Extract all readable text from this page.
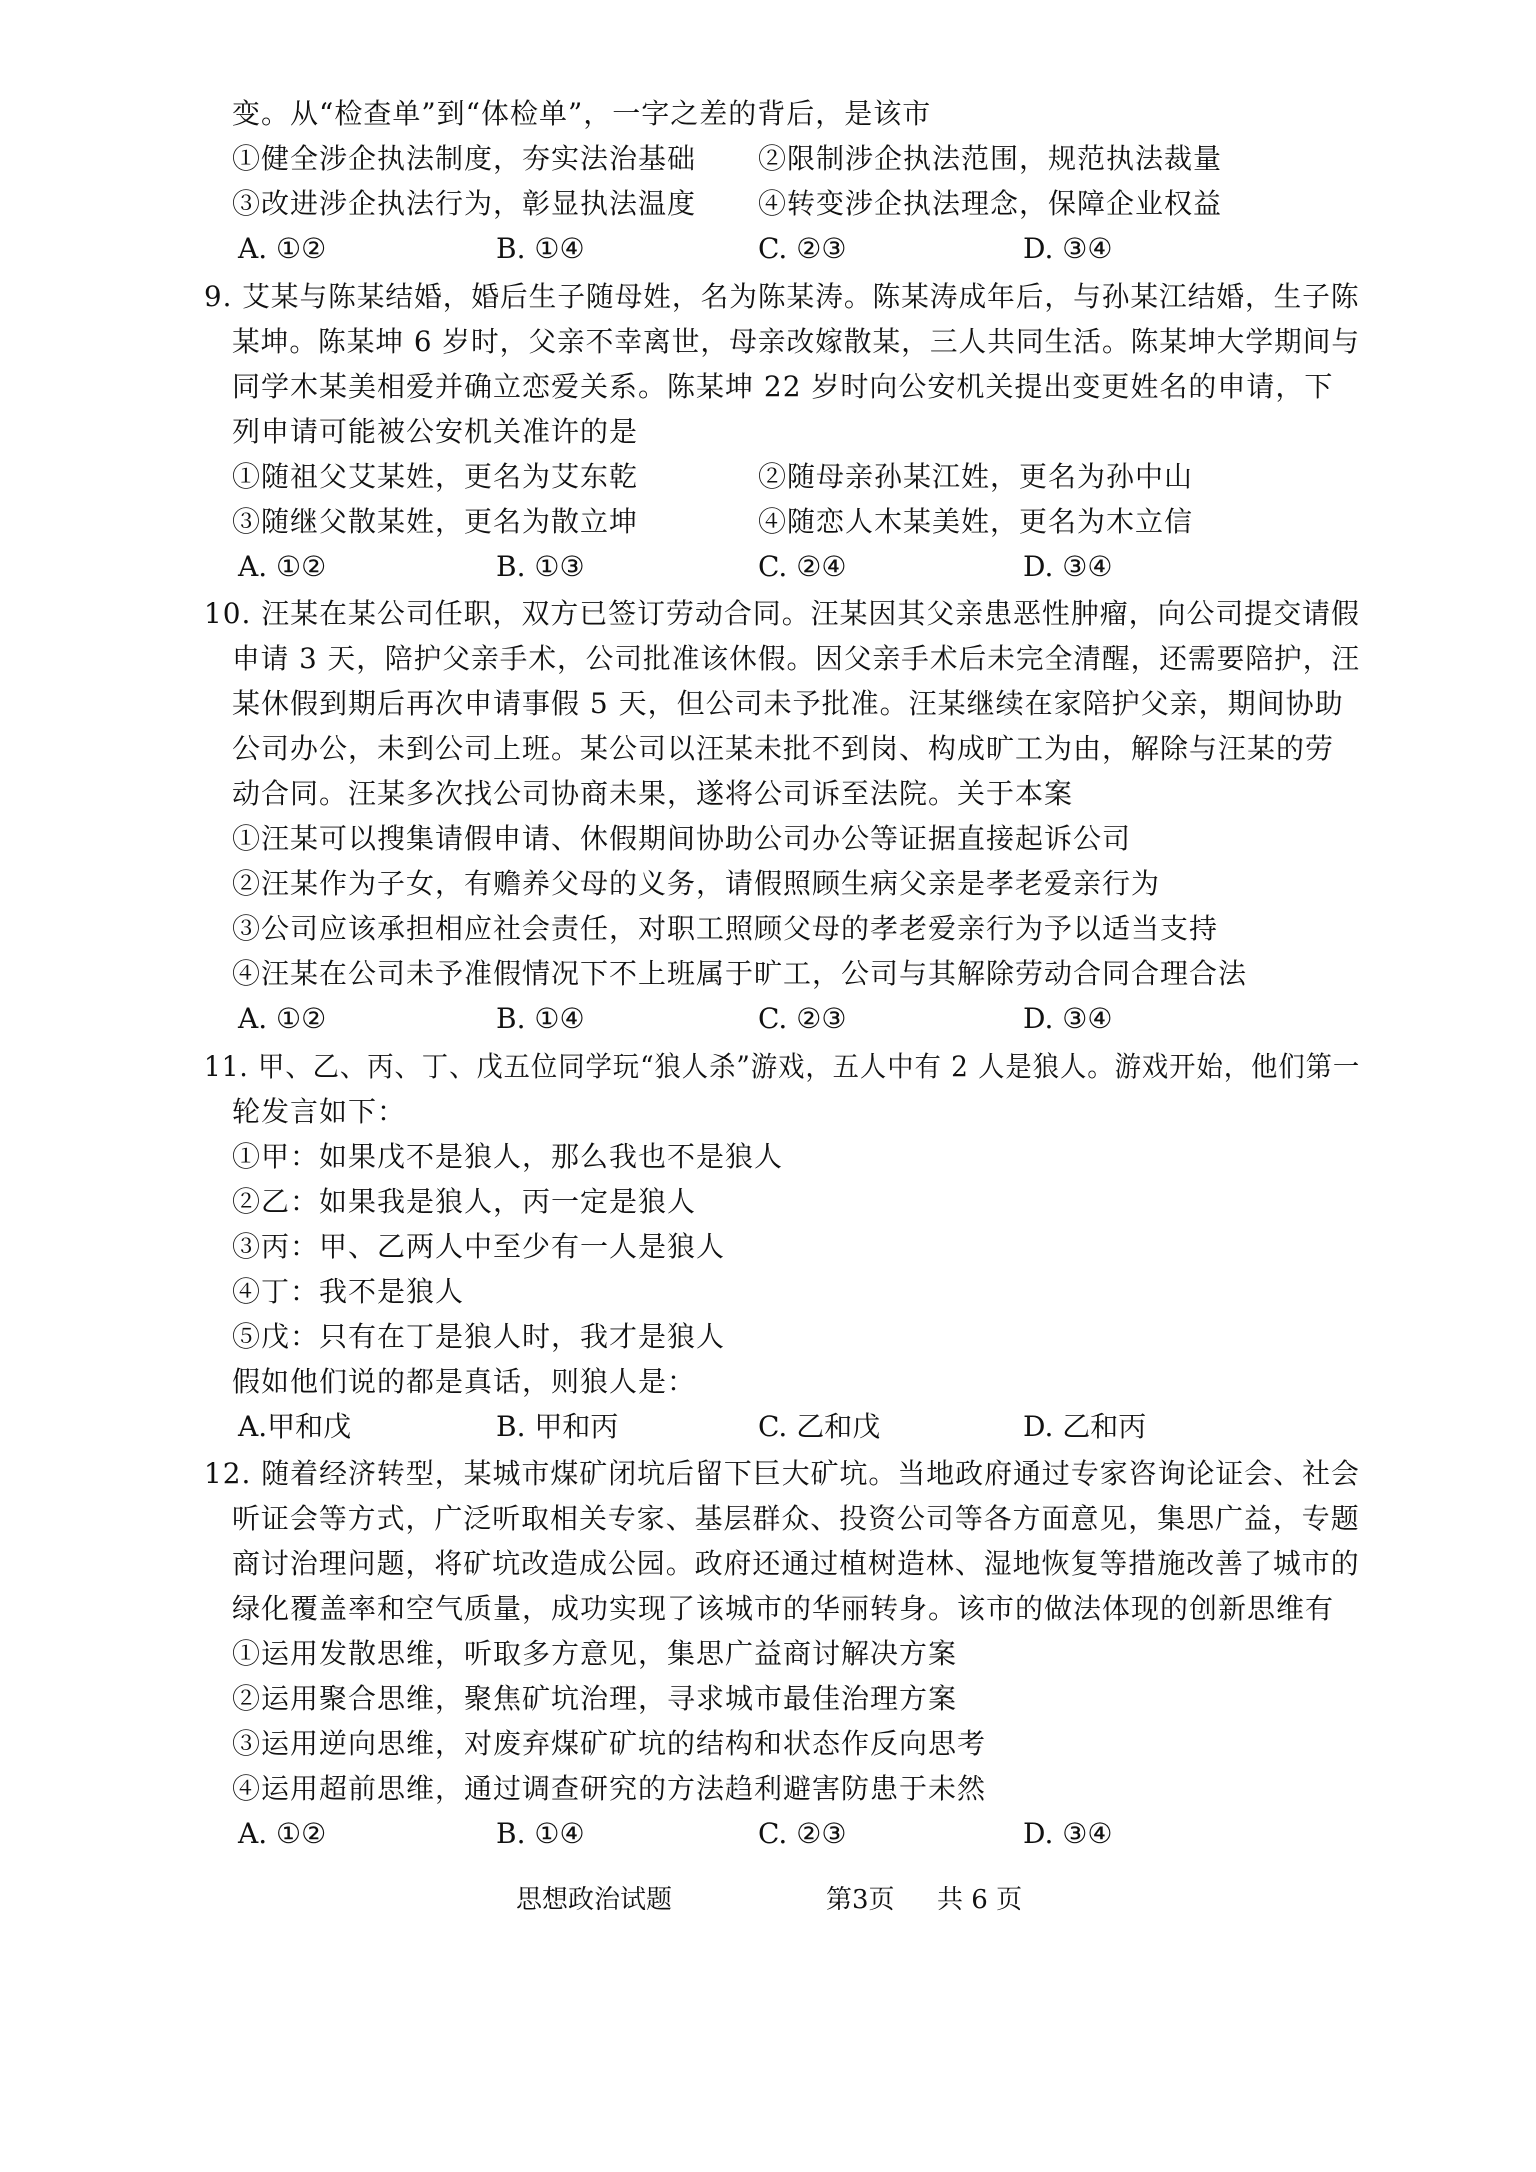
变。从“检查单”到“体检单”，一字之差的背后，是该市
①健全涉企执法制度，夯实法治基础 ②限制涉企执法范围，规范执法裁量
③改进涉企执法行为，彰显执法温度 ④转变涉企执法理念，保障企业权益
A. ①②	B. ①④	C. ②③	D. ③④
9. 艾某与陈某结婚，婚后生子随母姓，名为陈某涛。陈某涛成年后，与孙某江结婚，生子陈
某坤。陈某坤 6 岁时，父亲不幸离世，母亲改嫁散某，三人共同生活。陈某坤大学期间与
同学木某美相爱并确立恋爱关系。陈某坤 22 岁时向公安机关提出变更姓名的申请，下
列申请可能被公安机关准许的是
①随祖父艾某姓，更名为艾东乾	②随母亲孙某江姓，更名为孙中山
③随继父散某姓，更名为散立坤	④随恋人木某美姓，更名为木立信
A. ①②	B. ①③	C. ②④	D. ③④
10. 汪某在某公司任职，双方已签订劳动合同。汪某因其父亲患恶性肿瘤，向公司提交请假
申请 3 天，陪护父亲手术，公司批准该休假。因父亲手术后未完全清醒，还需要陪护，汪
某休假到期后再次申请事假 5 天，但公司未予批准。汪某继续在家陪护父亲，期间协助
公司办公，未到公司上班。某公司以汪某未批不到岗、构成旷工为由，解除与汪某的劳
动合同。汪某多次找公司协商未果，遂将公司诉至法院。关于本案
①汪某可以搜集请假申请、休假期间协助公司办公等证据直接起诉公司
②汪某作为子女，有赡养父母的义务，请假照顾生病父亲是孝老爱亲行为
③公司应该承担相应社会责任，对职工照顾父母的孝老爱亲行为予以适当支持
④汪某在公司未予准假情况下不上班属于旷工，公司与其解除劳动合同合理合法
A. ①②	B. ①④	C. ②③	D. ③④
11. 甲、乙、丙、丁、戊五位同学玩“狼人杀”游戏，五人中有 2 人是狼人。游戏开始，他们第一
轮发言如下：
①甲：如果戊不是狼人，那么我也不是狼人
②乙：如果我是狼人，丙一定是狼人
③丙：甲、乙两人中至少有一人是狼人
④丁：我不是狼人
⑤戊：只有在丁是狼人时，我才是狼人
假如他们说的都是真话，则狼人是：
A.甲和戊	B. 甲和丙	C. 乙和戊	D. 乙和丙
12. 随着经济转型，某城市煤矿闭坑后留下巨大矿坑。当地政府通过专家咨询论证会、社会
听证会等方式，广泛听取相关专家、基层群众、投资公司等各方面意见，集思广益，专题
商讨治理问题，将矿坑改造成公园。政府还通过植树造林、湿地恢复等措施改善了城市的
绿化覆盖率和空气质量，成功实现了该城市的华丽转身。该市的做法体现的创新思维有
①运用发散思维，听取多方意见，集思广益商讨解决方案
②运用聚合思维，聚焦矿坑治理，寻求城市最佳治理方案
③运用逆向思维，对废弃煤矿矿坑的结构和状态作反向思考
④运用超前思维，通过调查研究的方法趋利避害防患于未然
A. ①②	B. ①④	C. ②③	D. ③④
思想政治试题	第3页 共 6 页
